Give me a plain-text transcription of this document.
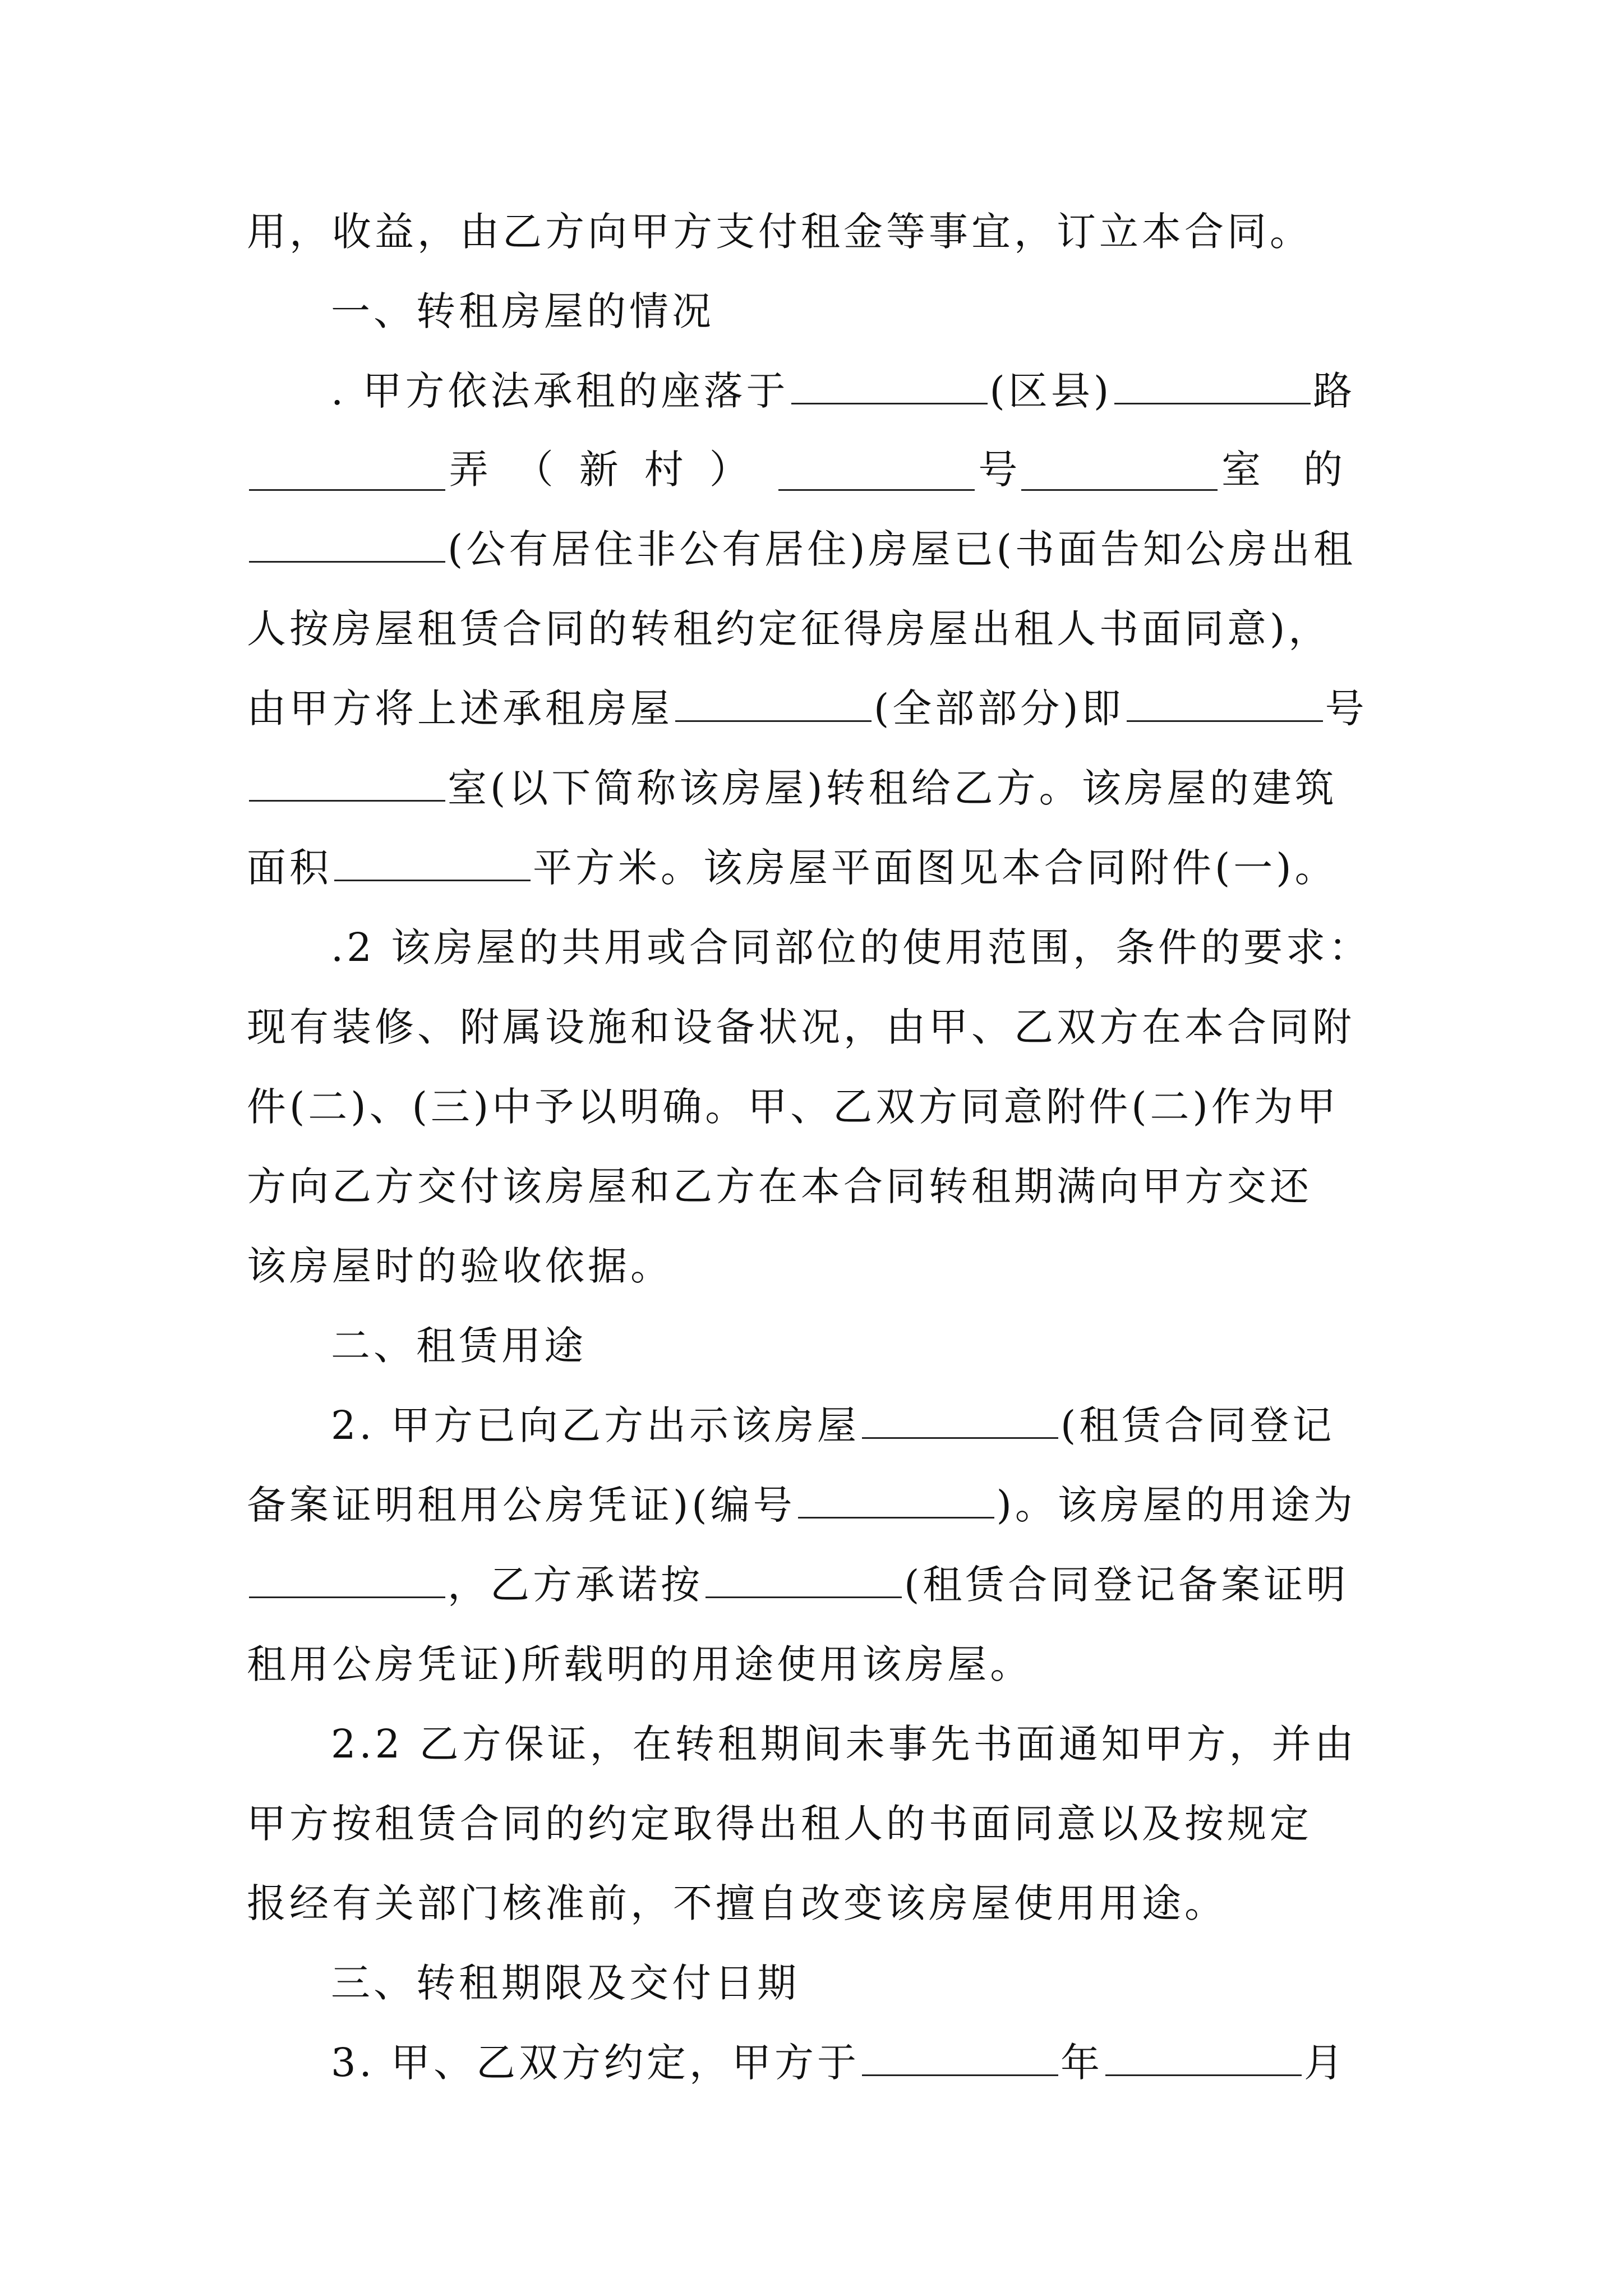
用，收益，由乙方向甲方支付租金等事宜，订立本合同。
一、转租房屋的情况
. 甲方依法承租的座落于	(区县)	路
弄（新村）	号	室的
(公有居住非公有居住)房屋已(书面告知公房出租
人按房屋租赁合同的转租约定征得房屋出租人书面同意)，
由甲方将上述承租房屋	(全部部分)即	号
室(以下简称该房屋)转租给乙方。该房屋的建筑
面积	平方米。该房屋平面图见本合同附件(一)。
.2 该房屋的共用或合同部位的使用范围，条件的要求：
现有装修、附属设施和设备状况，由甲、乙双方在本合同附
件(二)、(三)中予以明确。甲、乙双方同意附件(二)作为甲
方向乙方交付该房屋和乙方在本合同转租期满向甲方交还
该房屋时的验收依据。
二、租赁用途
2. 甲方已向乙方出示该房屋	(租赁合同登记
备案证明租用公房凭证)(编号	)。该房屋的用途为
，乙方承诺按	(租赁合同登记备案证明
租用公房凭证)所载明的用途使用该房屋。
2.2 乙方保证，在转租期间未事先书面通知甲方，并由
甲方按租赁合同的约定取得出租人的书面同意以及按规定
报经有关部门核准前，不擅自改变该房屋使用用途。
三、转租期限及交付日期
3. 甲、乙双方约定，甲方于	年	月
